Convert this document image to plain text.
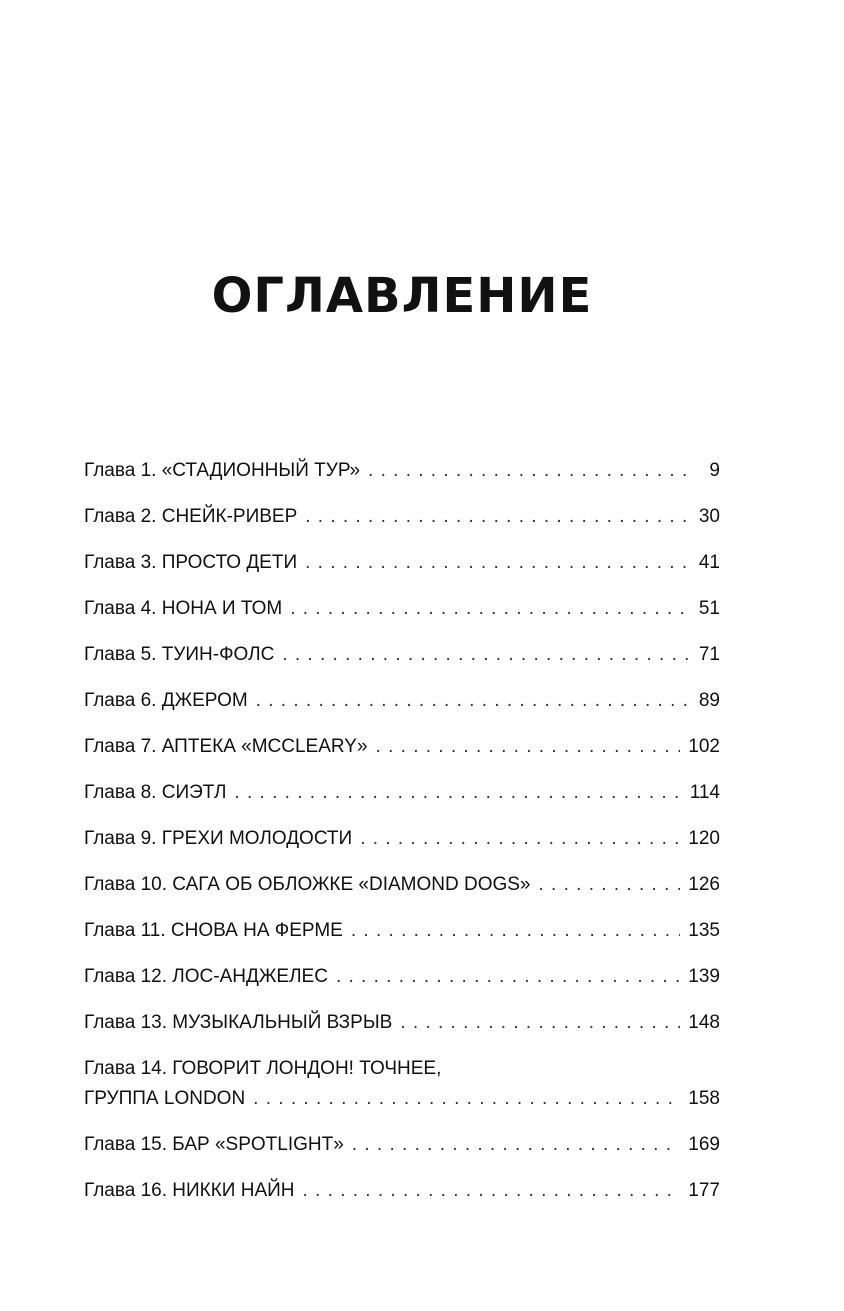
ОГЛАВЛЕНИЕ
Глава 1. «СТАДИОННЫЙ ТУР» . . .	9
Глава 2. СНЕЙК-РИВЕР . . .	30
Глава 3. ПРОСТО ДЕТИ . . .	41
Глава 4. НОНА И ТОМ . . .	51
Глава 5. ТУИН-ФОЛС . . .	71
Глава 6. ДЖЕРОМ . . .	89
Глава 7. АПТЕКА «MCCLEARY» . . .	102
Глава 8. СИЭТЛ . . .	114
Глава 9. ГРЕХИ МОЛОДОСТИ . . .	120
Глава 10. САГА ОБ ОБЛОЖКЕ «DIAMOND DOGS» . . .	126
Глава 11. СНОВА НА ФЕРМЕ . . .	135
Глава 12. ЛОС-АНДЖЕЛЕС . . .	139
Глава 13. МУЗЫКАЛЬНЫЙ ВЗРЫВ . . .	148
Глава 14. ГОВОРИТ ЛОНДОН! ТОЧНЕЕ,
ГРУППА LONDON . . .	158
Глава 15. БАР «SPOTLIGHT» . . .	169
Глава 16. НИККИ НАЙН . . .	177
